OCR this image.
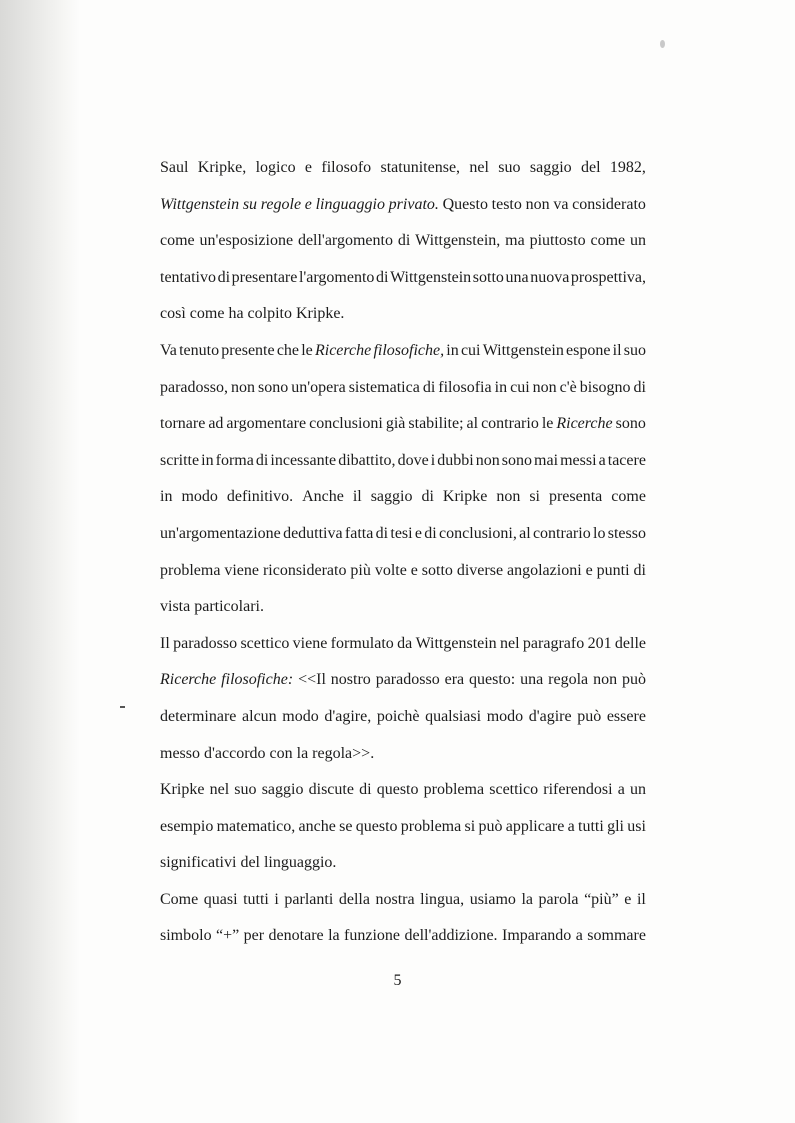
Saul Kripke, logico e filosofo statunitense, nel suo saggio del 1982,
Wittgenstein su regole e linguaggio privato. Questo testo non va considerato
come un'esposizione dell'argomento di Wittgenstein, ma piuttosto come un
tentativo di presentare l'argomento di Wittgenstein sotto una nuova prospettiva,
così
come
ha
colpito
Kripke.
Va tenuto presente che le Ricerche filosofiche, in cui Wittgenstein espone il suo
paradosso, non sono un'opera sistematica di filosofia in cui non c'è bisogno di
tornare ad argomentare conclusioni già stabilite; al contrario le Ricerche sono
scritte in forma di incessante dibattito, dove i dubbi non sono mai messi a tacere
in modo definitivo. Anche il saggio di Kripke non si presenta come
un'argomentazione deduttiva fatta di tesi e di conclusioni, al contrario lo stesso
problema viene riconsiderato più volte e sotto diverse angolazioni e punti di
vista
particolari.
Il paradosso scettico viene formulato da Wittgenstein nel paragrafo 201 delle
Ricerche filosofiche: <<Il nostro paradosso era questo: una regola non può
determinare alcun modo d'agire, poichè qualsiasi modo d'agire può essere
messo
d'accordo
con
la
regola>>.
Kripke nel suo saggio discute di questo problema scettico riferendosi a un
esempio matematico, anche se questo problema si può applicare a tutti gli usi
significativi
del
linguaggio.
Come quasi tutti i parlanti della nostra lingua, usiamo la parola “più” e il
simbolo “+” per denotare la funzione dell'addizione. Imparando a sommare
5
